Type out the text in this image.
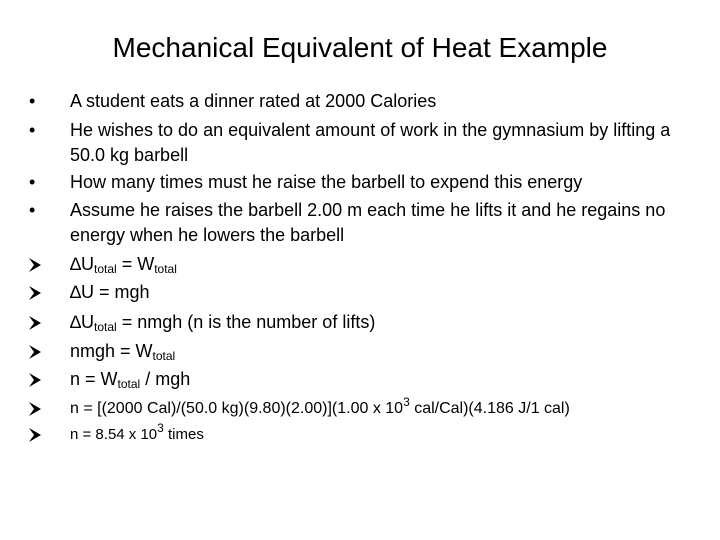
Mechanical Equivalent of Heat Example
•	A student eats a dinner rated at 2000 Calories
•	He wishes to do an equivalent amount of work in the gymnasium by lifting a 50.0 kg barbell
•	How many times must he raise the barbell to expend this energy
•	Assume he raises the barbell 2.00 m each time he lifts it and he regains no energy when he lowers the barbell
$\Delta U_{total} = W_{total}$
∆U = mgh
$\Delta U_{total}$ = nmgh (n is the number of lifts)
nmgh = $W_{total}$
$n = W_{total}$ / mgh
n = [(2000 Cal)/(50.0 kg)(9.80)(2.00)](1.00 x $10^3$ cal/Cal)(4.186 J/1 cal)
n = 8.54 x $10^3$ times
